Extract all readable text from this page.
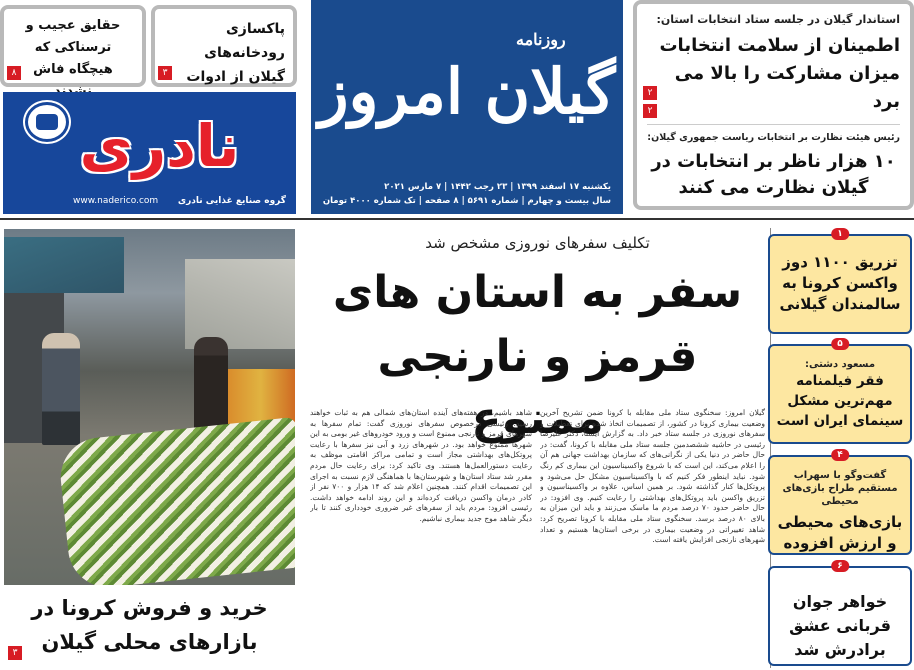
استاندار گیلان در جلسه ستاد انتخابات استان:
اطمینان از سلامت انتخابات میزان مشارکت را بالا می برد
۲
رئیس هیئت نظارت بر انتخابات ریاست جمهوری گیلان:
۱۰ هزار ناظر بر انتخابات در گیلان نظارت می کنند
۲
روزنامه
گیلان امروز
یکشنبه ۱۷ اسفند ۱۳۹۹ | ۲۳ رجب ۱۴۴۲ | ۷ مارس ۲۰۲۱
سال بیست و چهارم | شماره ۵۶۹۱ | ۸ صفحه | تک شماره ۴۰۰۰ تومان
پاکسازی رودخانه‌های گیلان از ادوات
۳
حقایق عجیب و ترسناکی که هیچگاه فاش
۸
نادری
گروه صنایع غذایی نادری
www.naderico.com
خرید و فروش کرونا در بازارهای محلی گیلان
۳
تکلیف سفرهای نوروزی مشخص شد
سفر به استان های
قرمز و نارنجی ممنوع
گیلان امروز: سخنگوی ستاد ملی مقابله با کرونا ضمن تشریح آخرین وضعیت بیماری کرونا در کشور، از تصمیمات اتخاذ شده برای تعطیلات و سفرهای نوروزی در جلسه ستاد خبر داد. به گزارش ایسنا، دکتر علیرضا رئیسی در حاشیه ششصدمین جلسه ستاد ملی مقابله با کرونا، گفت: در حال حاضر در دنیا یکی از نگرانی‌های که سازمان بهداشت جهانی هم آن را اعلام می‌کند، این است که با شروع واکسیناسیون این بیماری کم رنگ شود. نباید اینطور فکر کنیم که با واکسیناسیون مشکل حل می‌شود و پروتکل‌ها کنار گذاشته شود. بر همین اساس، علاوه بر واکسیناسیون و تزریق واکسن باید پروتکل‌های بهداشتی را رعایت کنیم. وی افزود: در حال حاضر حدود ۷۰ درصد مردم ما ماسک می‌زنند و باید این میزان به بالای ۸۰ درصد برسد. سخنگوی ستاد ملی مقابله با کرونا تصریح کرد: شاهد تغییراتی در وضعیت بیماری در برخی استان‌ها هستیم و تعداد شهرهای نارنجی افزایش یافته است.
شاهد باشیم، در هفته‌های آینده استان‌های شمالی هم به ثبات خواهند رسید. رئیسی درخصوص سفرهای نوروزی گفت: تمام سفرها به شهرهای قرمز و نارنجی ممنوع است و ورود خودروهای غیر بومی به این شهرها ممنوع خواهد بود. در شهرهای زرد و آبی نیز سفرها با رعایت پروتکل‌های بهداشتی مجاز است و تمامی مراکز اقامتی موظف به رعایت دستورالعمل‌ها هستند. وی تاکید کرد: برای رعایت حال مردم مقرر شد ستاد استان‌ها و شهرستان‌ها با هماهنگی لازم نسبت به اجرای این تصمیمات اقدام کنند. همچنین اعلام شد که ۱۴ هزار و ۷۰۰ نفر از کادر درمان واکسن دریافت کرده‌اند و این روند ادامه خواهد داشت. رئیسی افزود: مردم باید از سفرهای غیر ضروری خودداری کنند تا بار دیگر شاهد موج جدید بیماری نباشیم.
۱
تزریق ۱۱۰۰ دوز واکسن کرونا به سالمندان گیلانی
۵
مسعود دشتی:
فقر فیلمنامه مهم‌ترین مشکل سینمای ایران است
۴
گفت‌وگو با سهراب مستقیم طراح بازی‌های محیطی
بازی‌های محیطی و ارزش افزوده
۶
خواهر جوان قربانی عشق برادرش شد
